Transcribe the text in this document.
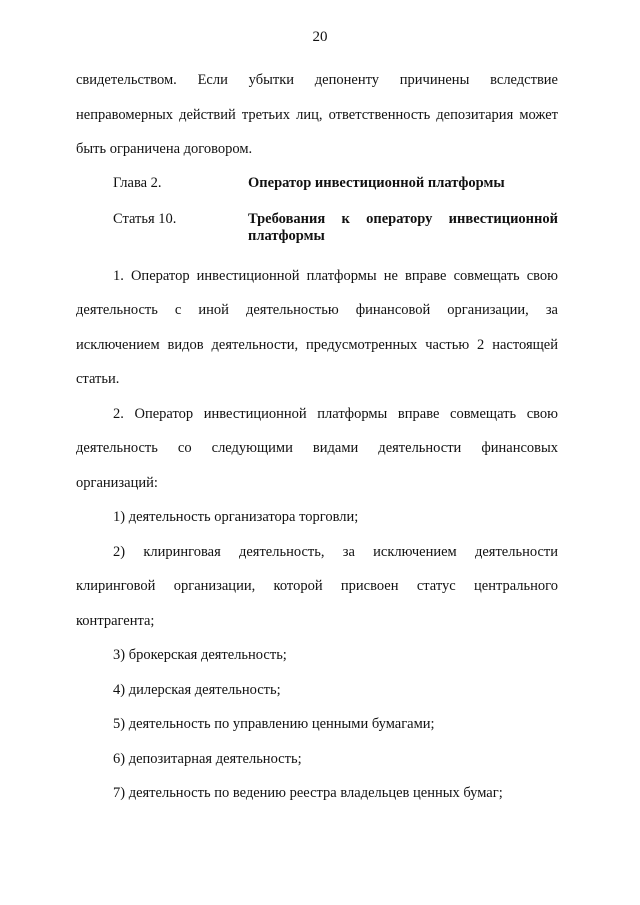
20

свидетельством. Если убытки депоненту причинены вследствие неправомерных действий третьих лиц, ответственность депозитария может быть ограничена договором.

Глава 2.	Оператор инвестиционной платформы
Статья 10.	Требования к оператору инвестиционной платформы

1. Оператор инвестиционной платформы не вправе совмещать свою деятельность с иной деятельностью финансовой организации, за исключением видов деятельности, предусмотренных частью 2 настоящей статьи.

2. Оператор инвестиционной платформы вправе совмещать свою деятельность со следующими видами деятельности финансовых организаций:

1) деятельность организатора торговли;

2) клиринговая деятельность, за исключением деятельности клиринговой организации, которой присвоен статус центрального контрагента;

3) брокерская деятельность;

4) дилерская деятельность;

5) деятельность по управлению ценными бумагами;

6) депозитарная деятельность;

7) деятельность по ведению реестра владельцев ценных бумаг;
